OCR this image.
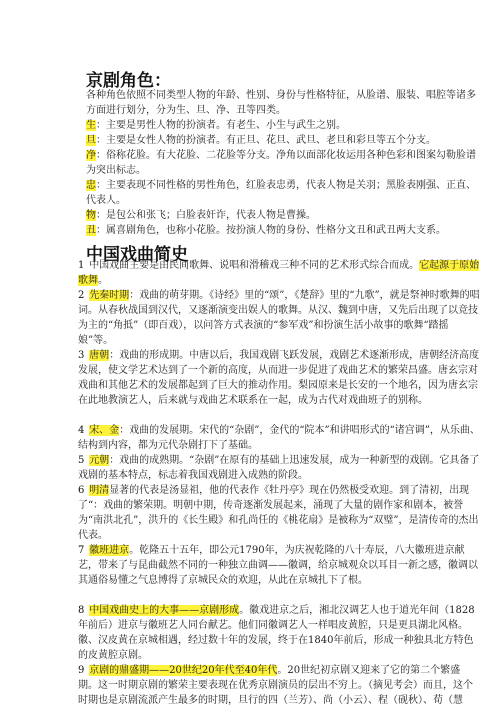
京剧角色：

各种角色依照不同类型人物的年龄、性别、身份与性格特征，从脸谱、服装、唱腔等诸多方面进行划分，分为生、旦、净、丑等四类。

生：主要是男性人物的扮演者。有老生、小生与武生之别。

旦：主要是女性人物的扮演者。有正旦、花旦、武旦、老旦和彩旦等五个分支。

净：俗称花脸。有大花脸、二花脸等分支。净角以面部化妆运用各种色彩和图案勾勒脸谱为突出标志。

忠：主要表现不同性格的男性角色，红脸表忠勇，代表人物是关羽；黑脸表刚强、正直、代表人。

物：是包公和张飞；白脸表奸诈，代表人物是曹操。

丑：属喜剧角色，也称小花脸。按扮演人物的身份、性格分文丑和武丑两大支系。

中国戏曲简史

1 中国戏曲主要是由民间歌舞、说唱和滑稽戏三种不同的艺术形式综合而成。它起源于原始歌舞。

2 先秦时期：戏曲的萌芽期。《诗经》里的“颂”，《楚辞》里的“九歌”，就是祭神时歌舞的唱词。从春秋战国到汉代，又逐渐演变出娱人的歌舞。从汉、魏到中唐，又先后出现了以竞技为主的“角抵”（即百戏），以问答方式表演的“参军戏”和扮演生活小故事的歌舞“踏摇娘”等。

3 唐朝：戏曲的形成期。中唐以后，我国戏剧飞跃发展，戏剧艺术逐渐形成，唐朝经济高度发展，使文学艺术达到了一个新的高度，从而进一步促进了戏曲艺术的繁荣昌盛。唐玄宗对戏曲和其他艺术的发展都起到了巨大的推动作用。梨园原来是长安的一个地名，因为唐玄宗在此地教演艺人，后来就与戏曲艺术联系在一起，成为古代对戏曲班子的别称。

4 宋、金：戏曲的发展期。宋代的“杂剧”，金代的“院本”和讲唱形式的“诸宫调”，从乐曲、结构到内容，都为元代杂剧打下了基础。

5 元朝：戏曲的成熟期。“杂剧”在原有的基础上迅速发展，成为一种新型的戏剧。它具备了戏剧的基本特点，标志着我国戏剧进入成熟的阶段。

6 明清显著的代表是汤显祖，他的代表作《牡丹亭》现在仍然极受欢迎。到了清初，出现了“：戏曲的繁荣期。明朝中期，传奇逐渐发展起来，涌现了大量的剧作家和剧本，被誉为“南洪北孔”，洪升的《长生殿》和孔尚任的《桃花扇》是被称为“双璧”，是清传奇的杰出代表。

7 徽班进京。乾隆五十五年，即公元1790年，为庆祝乾隆的八十寿辰，八大徽班进京献艺，带来了与昆曲截然不同的一种独立曲调——徽调，给京城观众以耳目一新之感，徽调以其通俗易懂之气息博得了京城民众的欢迎，从此在京城扎下了根。

8 中国戏曲史上的大事——京剧形成。徽戏进京之后，湘北汉调艺人也于道光年间（1828年前后）进京与徽班艺人同台献艺。他们同徽调艺人一样唱皮黄腔，只是更具湖北风格。徽、汉皮黄在京城相遇，经过数十年的发展，终于在1840年前后，形成一种独具北方特色的皮黄腔京剧。

9 京剧的鼎盛期——20世纪20年代至40年代。20世纪初京剧又迎来了它的第二个繁盛期。这一时期京剧的繁荣主要表现在优秀京剧演员的层出不穷上。（摘见考会）而且，这个时期也是京剧流派产生最多的时期，旦行的四（兰芳）、尚（小云）、程（砚秋）、荀（慧
